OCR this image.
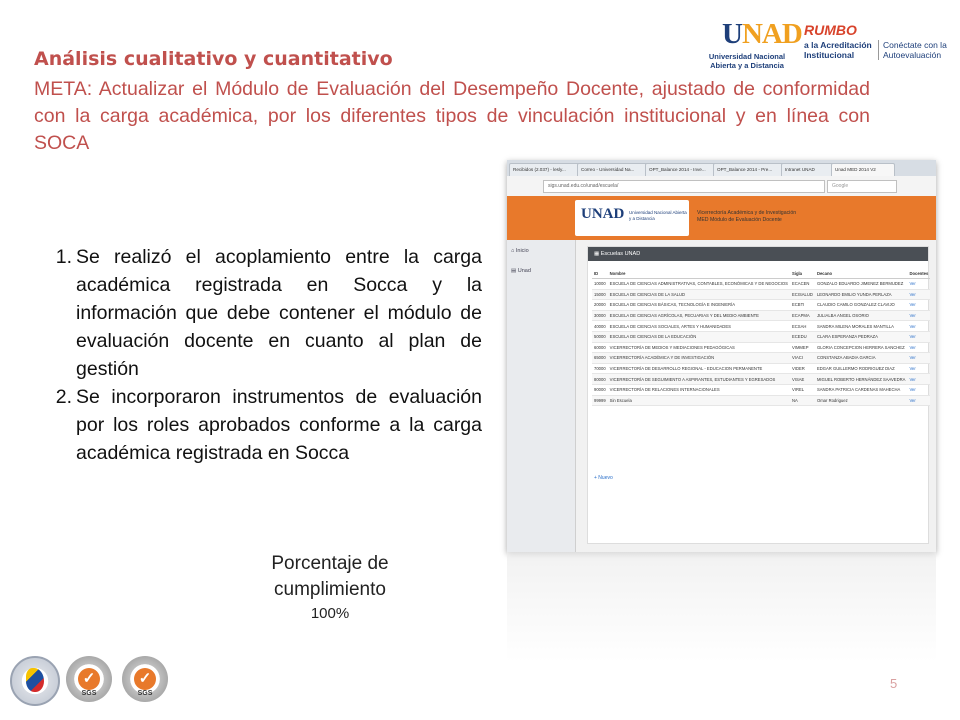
UNAD
Universidad Nacional
Abierta y a Distancia
RUMBO
a la Acreditación
Institucional
Conéctate con la
Autoevaluación
Análisis cualitativo y cuantitativo
META: Actualizar el Módulo de Evaluación del Desempeño Docente, ajustado de conformidad con la carga académica, por los diferentes tipos de vinculación institucional y en línea con SOCA
1. Se realizó el acoplamiento entre la carga académica registrada en Socca y la información que debe contener el módulo de evaluación docente en cuanto al plan de gestión
2. Se incorporaron instrumentos de evaluación por los roles aprobados conforme a la carga académica registrada en Socca
Porcentaje de
cumplimiento
100%
Recibidos (2.037) - lesly...	Correo - Universidad Na...	OPT_Balance 2014 - Inve...	OPT_Balance 2014 - Pre...	Intranet UNAD	Unad MED 2014 V2
sigs.unad.edu.co/unad/escuela/	Google
UNAD Universidad Nacional Abierta y a Distancia
Vicerrectoría Académica y de Investigación
MED Módulo de Evaluación Docente
⌂ Inicio
▤ Unad
▦ Escuelas UNAD
ID	Nombre	Sigla	Decano	Docentes
10000	ESCUELA DE CIENCIAS ADMINISTRATIVAS, CONTABLES, ECONÓMICAS Y DE NEGOCIOS	ECACEN	GONZALO EDUARDO JIMENEZ BERMUDEZ	Ver
15000	ESCUELA DE CIENCIAS DE LA SALUD	ECISALUD	LEONARDO EMILIO YUNDA PERLAZA	Ver
20000	ESCUELA DE CIENCIAS BÁSICAS, TECNOLOGÍA E INGENIERÍA	ECBTI	CLAUDIO CAMILO GONZALEZ CLAVIJO	Ver
30000	ESCUELA DE CIENCIAS AGRÍCOLAS, PECUARIAS Y DEL MEDIO AMBIENTE	ECAPMA	JULIALBA ANGEL OSORIO	Ver
40000	ESCUELA DE CIENCIAS SOCIALES, ARTES Y HUMANIDADES	ECSAH	SANDRA MILENA MORALES MANTILLA	Ver
50000	ESCUELA DE CIENCIAS DE LA EDUCACIÓN	ECEDU	CLARA ESPERANZA PEDRAZA	Ver
60000	VICERRECTORÍA DE MEDIOS Y MEDIACIONES PEDAGÓGICAS	VIMMEP	GLORIA CONCEPCION HERRERA SANCHEZ	Ver
65000	VICERRECTORÍA ACADÉMICA Y DE INVESTIGACIÓN	VIACI	CONSTANZA ABADIA GARCIA	Ver
70000	VICERRECTORÍA DE DESARROLLO REGIONAL - EDUCACION PERMANENTE	VIDER	EDGAR GUILLERMO RODRIGUEZ DIAZ	Ver
80000	VICERRECTORÍA DE SEGUIMIENTO A ASPIRANTES, ESTUDIANTES Y EGRESADOS	VISAE	MIGUEL ROBERTO HERNÁNDEZ SAAVEDRA	Ver
90000	VICERRECTORÍA DE RELACIONES INTERNACIONALES	VIREL	SANDRA PATRICIA CARDENAS MAHECHA	Ver
99999	Sin Escuela	NA	Omar Rodriguez	Ver
+ Nuevo
✓
SGS
✓
SGS
5
